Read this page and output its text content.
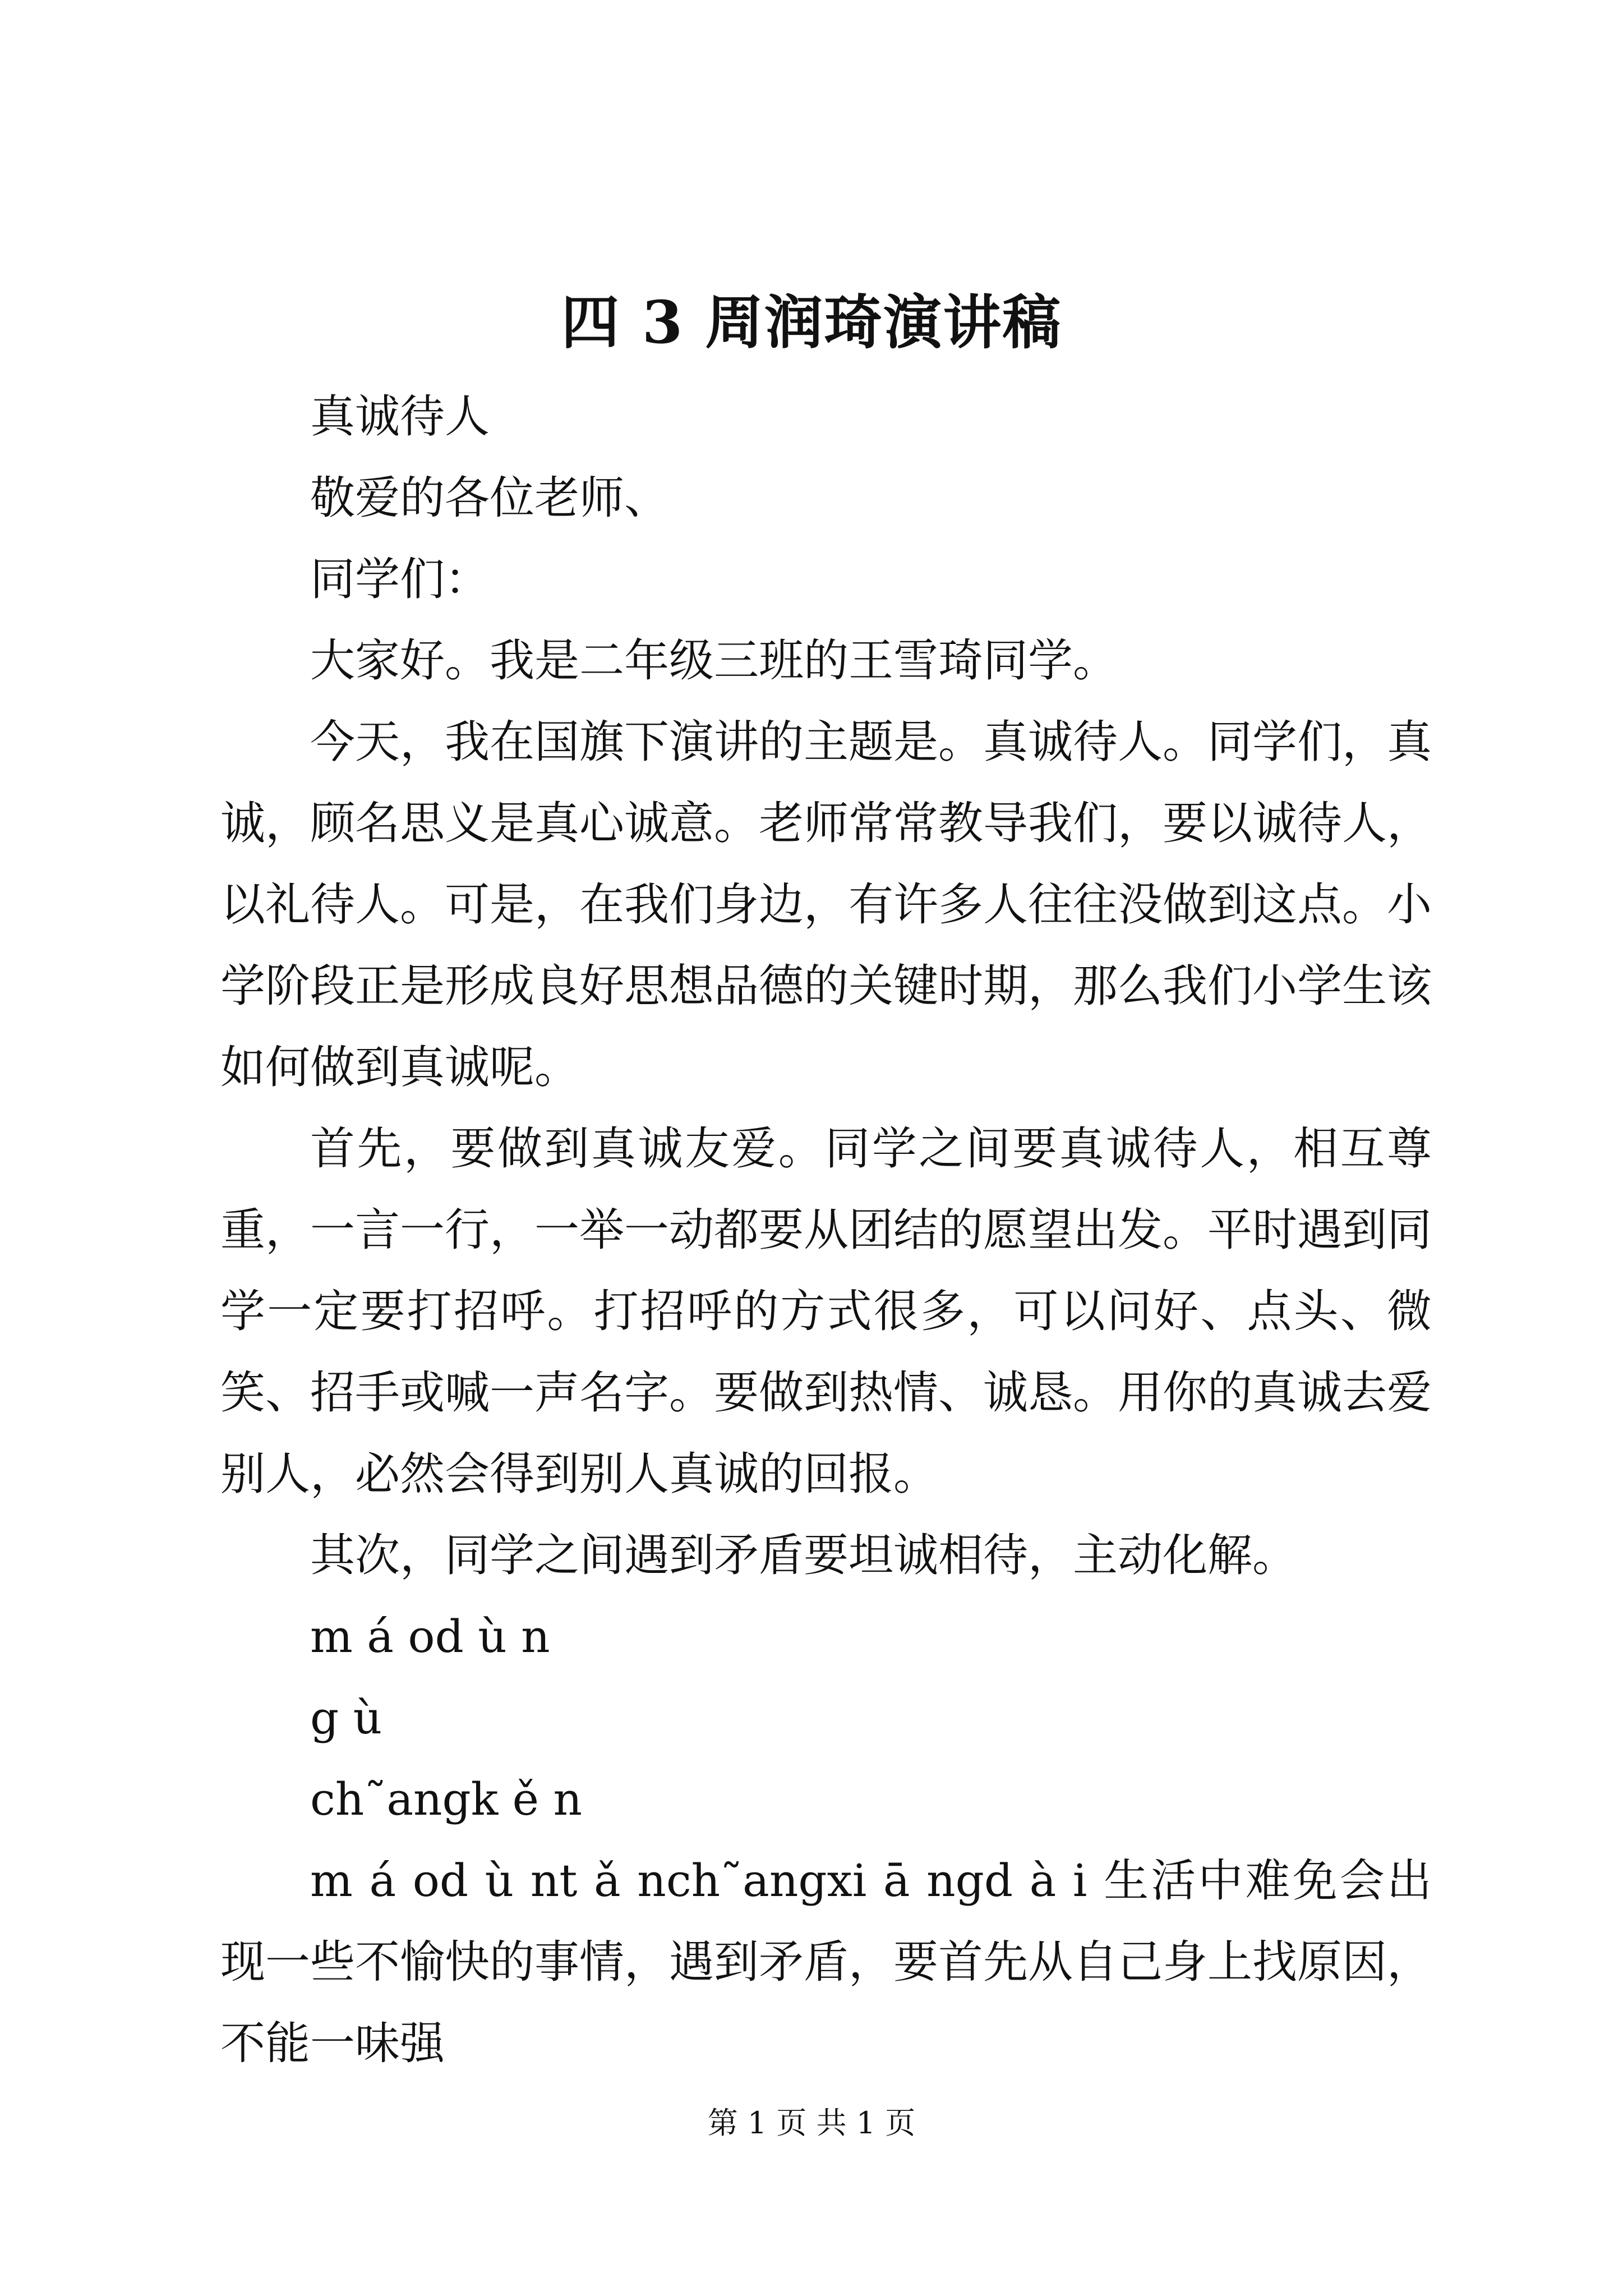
四 3 周润琦演讲稿

真诚待人

敬爱的各位老师、

同学们：

大家好。我是二年级三班的王雪琦同学。

今天，我在国旗下演讲的主题是。真诚待人。同学们，真诚，顾名思义是真心诚意。老师常常教导我们，要以诚待人，以礼待人。可是，在我们身边，有许多人往往没做到这点。小学阶段正是形成良好思想品德的关键时期，那么我们小学生该如何做到真诚呢。

首先，要做到真诚友爱。同学之间要真诚待人，相互尊重，一言一行，一举一动都要从团结的愿望出发。平时遇到同学一定要打招呼。打招呼的方式很多，可以问好、点头、微笑、招手或喊一声名字。要做到热情、诚恳。用你的真诚去爱别人，必然会得到别人真诚的回报。

其次，同学之间遇到矛盾要坦诚相待，主动化解。

m á od ù n

g ù

ch˜angk ě n

m á od ù nt ǎ nch˜angxi ā ngd à i 生活中难免会出现一些不愉快的事情，遇到矛盾，要首先从自己身上找原因，不能一味强

第 1 页 共 1 页
